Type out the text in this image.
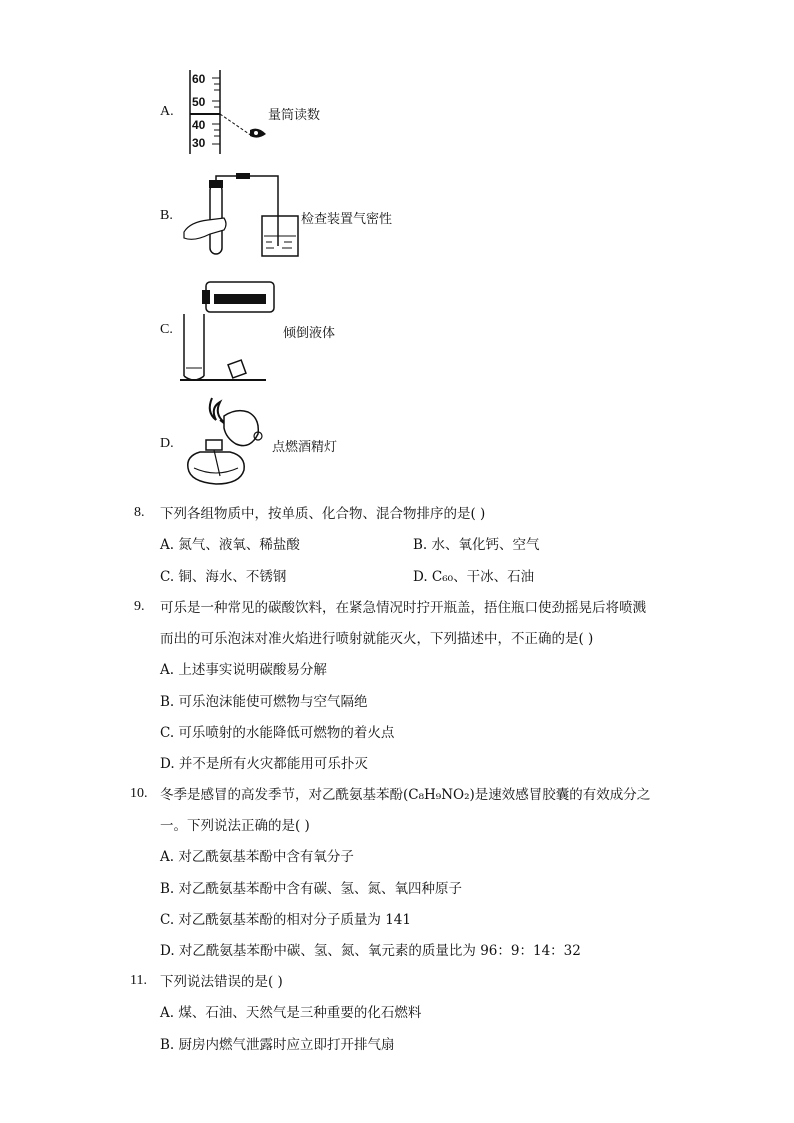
A.
60
50
40
30
量筒读数
B.	检查装置气密性
C.	倾倒液体
D.	点燃酒精灯
8. 下列各组物质中，按单质、化合物、混合物排序的是( )
A. 氮气、液氧、稀盐酸	B. 水、氧化钙、空气
C. 铜、海水、不锈钢	D. C₆₀、干冰、石油
9. 可乐是一种常见的碳酸饮料，在紧急情况时拧开瓶盖，捂住瓶口使劲摇晃后将喷溅
而出的可乐泡沫对准火焰进行喷射就能灭火，下列描述中，不正确的是( )
A. 上述事实说明碳酸易分解
B. 可乐泡沫能使可燃物与空气隔绝
C. 可乐喷射的水能降低可燃物的着火点
D. 并不是所有火灾都能用可乐扑灭
10. 冬季是感冒的高发季节，对乙酰氨基苯酚(C₈H₉NO₂)是速效感冒胶囊的有效成分之
一。下列说法正确的是( )
A. 对乙酰氨基苯酚中含有氧分子
B. 对乙酰氨基苯酚中含有碳、氢、氮、氧四种原子
C. 对乙酰氨基苯酚的相对分子质量为 141
D. 对乙酰氨基苯酚中碳、氢、氮、氧元素的质量比为 96：9：14：32
11. 下列说法错误的是( )
A. 煤、石油、天然气是三种重要的化石燃料
B. 厨房内燃气泄露时应立即打开排气扇
